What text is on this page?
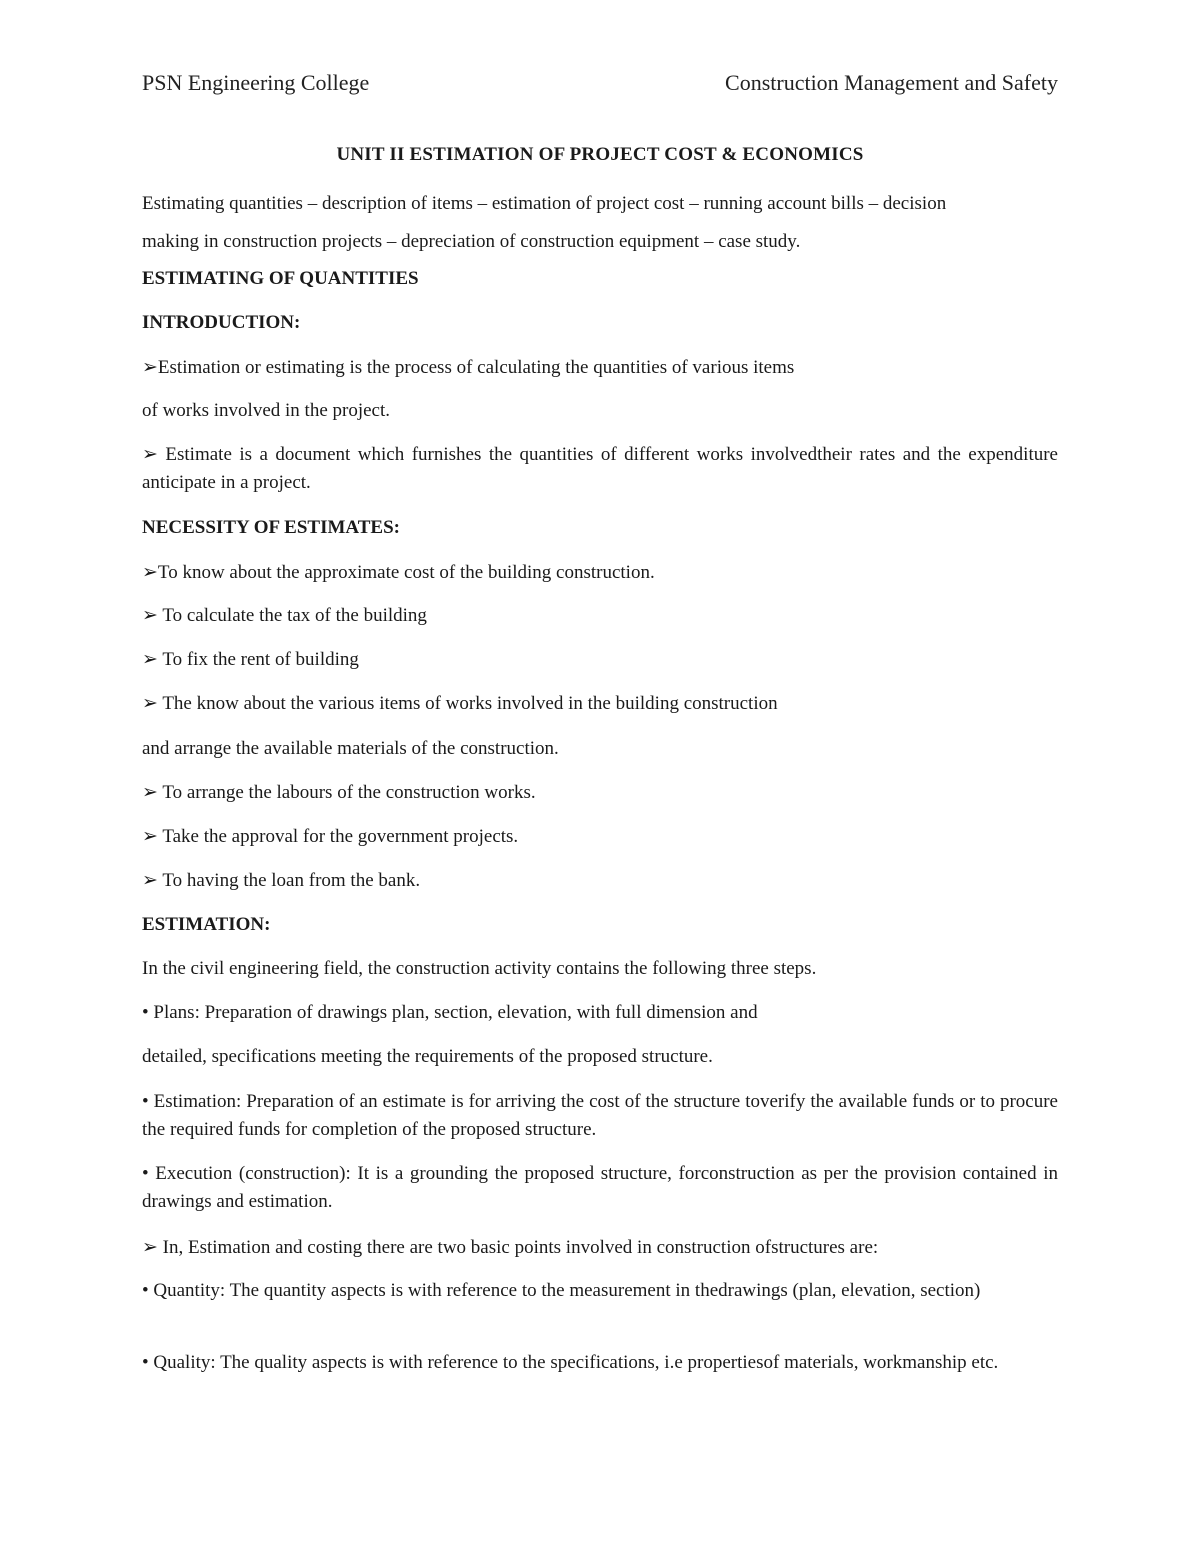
PSN Engineering College	Construction Management and Safety

UNIT II ESTIMATION OF PROJECT COST & ECONOMICS

Estimating quantities – description of items – estimation of project cost – running account bills – decision

making in construction projects – depreciation of construction equipment – case study.

ESTIMATING OF QUANTITIES

INTRODUCTION:

➢Estimation or estimating is the process of calculating the quantities of various items

of works involved in the project.

➢ Estimate is a document which furnishes the quantities of different works involvedtheir rates and the expenditure anticipate in a project.

NECESSITY OF ESTIMATES:

➢To know about the approximate cost of the building construction.

➢ To calculate the tax of the building

➢ To fix the rent of building

➢ The know about the various items of works involved in the building construction

and arrange the available materials of the construction.

➢ To arrange the labours of the construction works.

➢ Take the approval for the government projects.

➢ To having the loan from the bank.

ESTIMATION:

In the civil engineering field, the construction activity contains the following three steps.

• Plans: Preparation of drawings plan, section, elevation, with full dimension and

detailed, specifications meeting the requirements of the proposed structure.

• Estimation: Preparation of an estimate is for arriving the cost of the structure toverify the available funds or to procure the required funds for completion of the proposed structure.

• Execution (construction): It is a grounding the proposed structure, forconstruction as per the provision contained in drawings and estimation.

➢ In, Estimation and costing there are two basic points involved in construction ofstructures are:

• Quantity: The quantity aspects is with reference to the measurement in thedrawings (plan, elevation, section)

• Quality: The quality aspects is with reference to the specifications, i.e propertiesof materials, workmanship etc.
